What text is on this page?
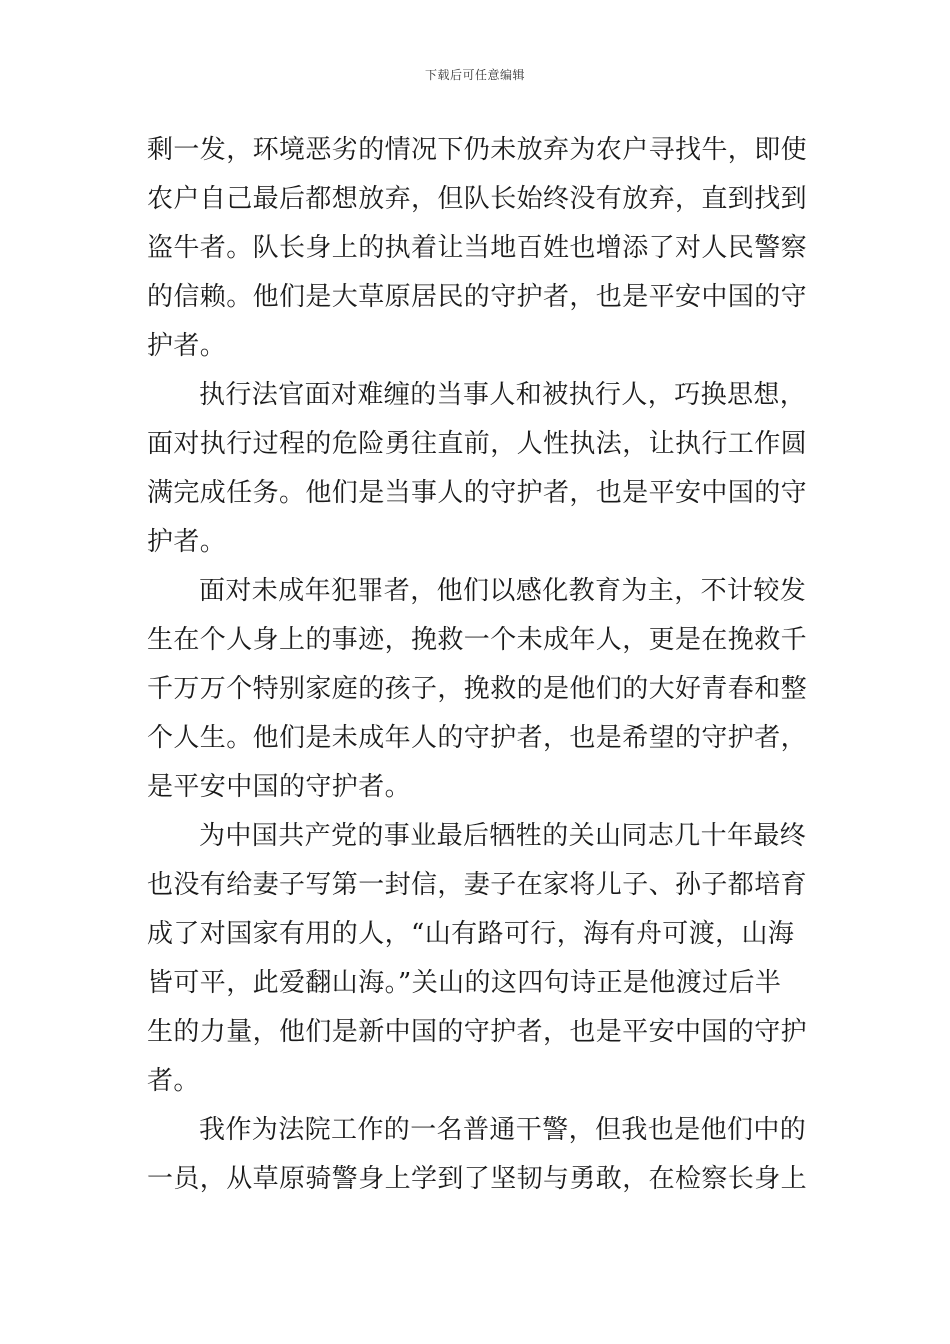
下载后可任意编辑
剩一发，环境恶劣的情况下仍未放弃为农户寻找牛，即使
农户自己最后都想放弃，但队长始终没有放弃，直到找到
盗牛者。队长身上的执着让当地百姓也增添了对人民警察
的信赖。他们是大草原居民的守护者，也是平安中国的守
护者。
执行法官面对难缠的当事人和被执行人，巧换思想，
面对执行过程的危险勇往直前，人性执法，让执行工作圆
满完成任务。他们是当事人的守护者，也是平安中国的守
护者。
面对未成年犯罪者，他们以感化教育为主，不计较发
生在个人身上的事迹，挽救一个未成年人，更是在挽救千
千万万个特别家庭的孩子，挽救的是他们的大好青春和整
个人生。他们是未成年人的守护者，也是希望的守护者，
是平安中国的守护者。
为中国共产党的事业最后牺牲的关山同志几十年最终
也没有给妻子写第一封信，妻子在家将儿子、孙子都培育
成了对国家有用的人，“山有路可行，海有舟可渡，山海
皆可平，此爱翻山海。”关山的这四句诗正是他渡过后半
生的力量，他们是新中国的守护者，也是平安中国的守护
者。
我作为法院工作的一名普通干警，但我也是他们中的
一员，从草原骑警身上学到了坚韧与勇敢，在检察长身上
